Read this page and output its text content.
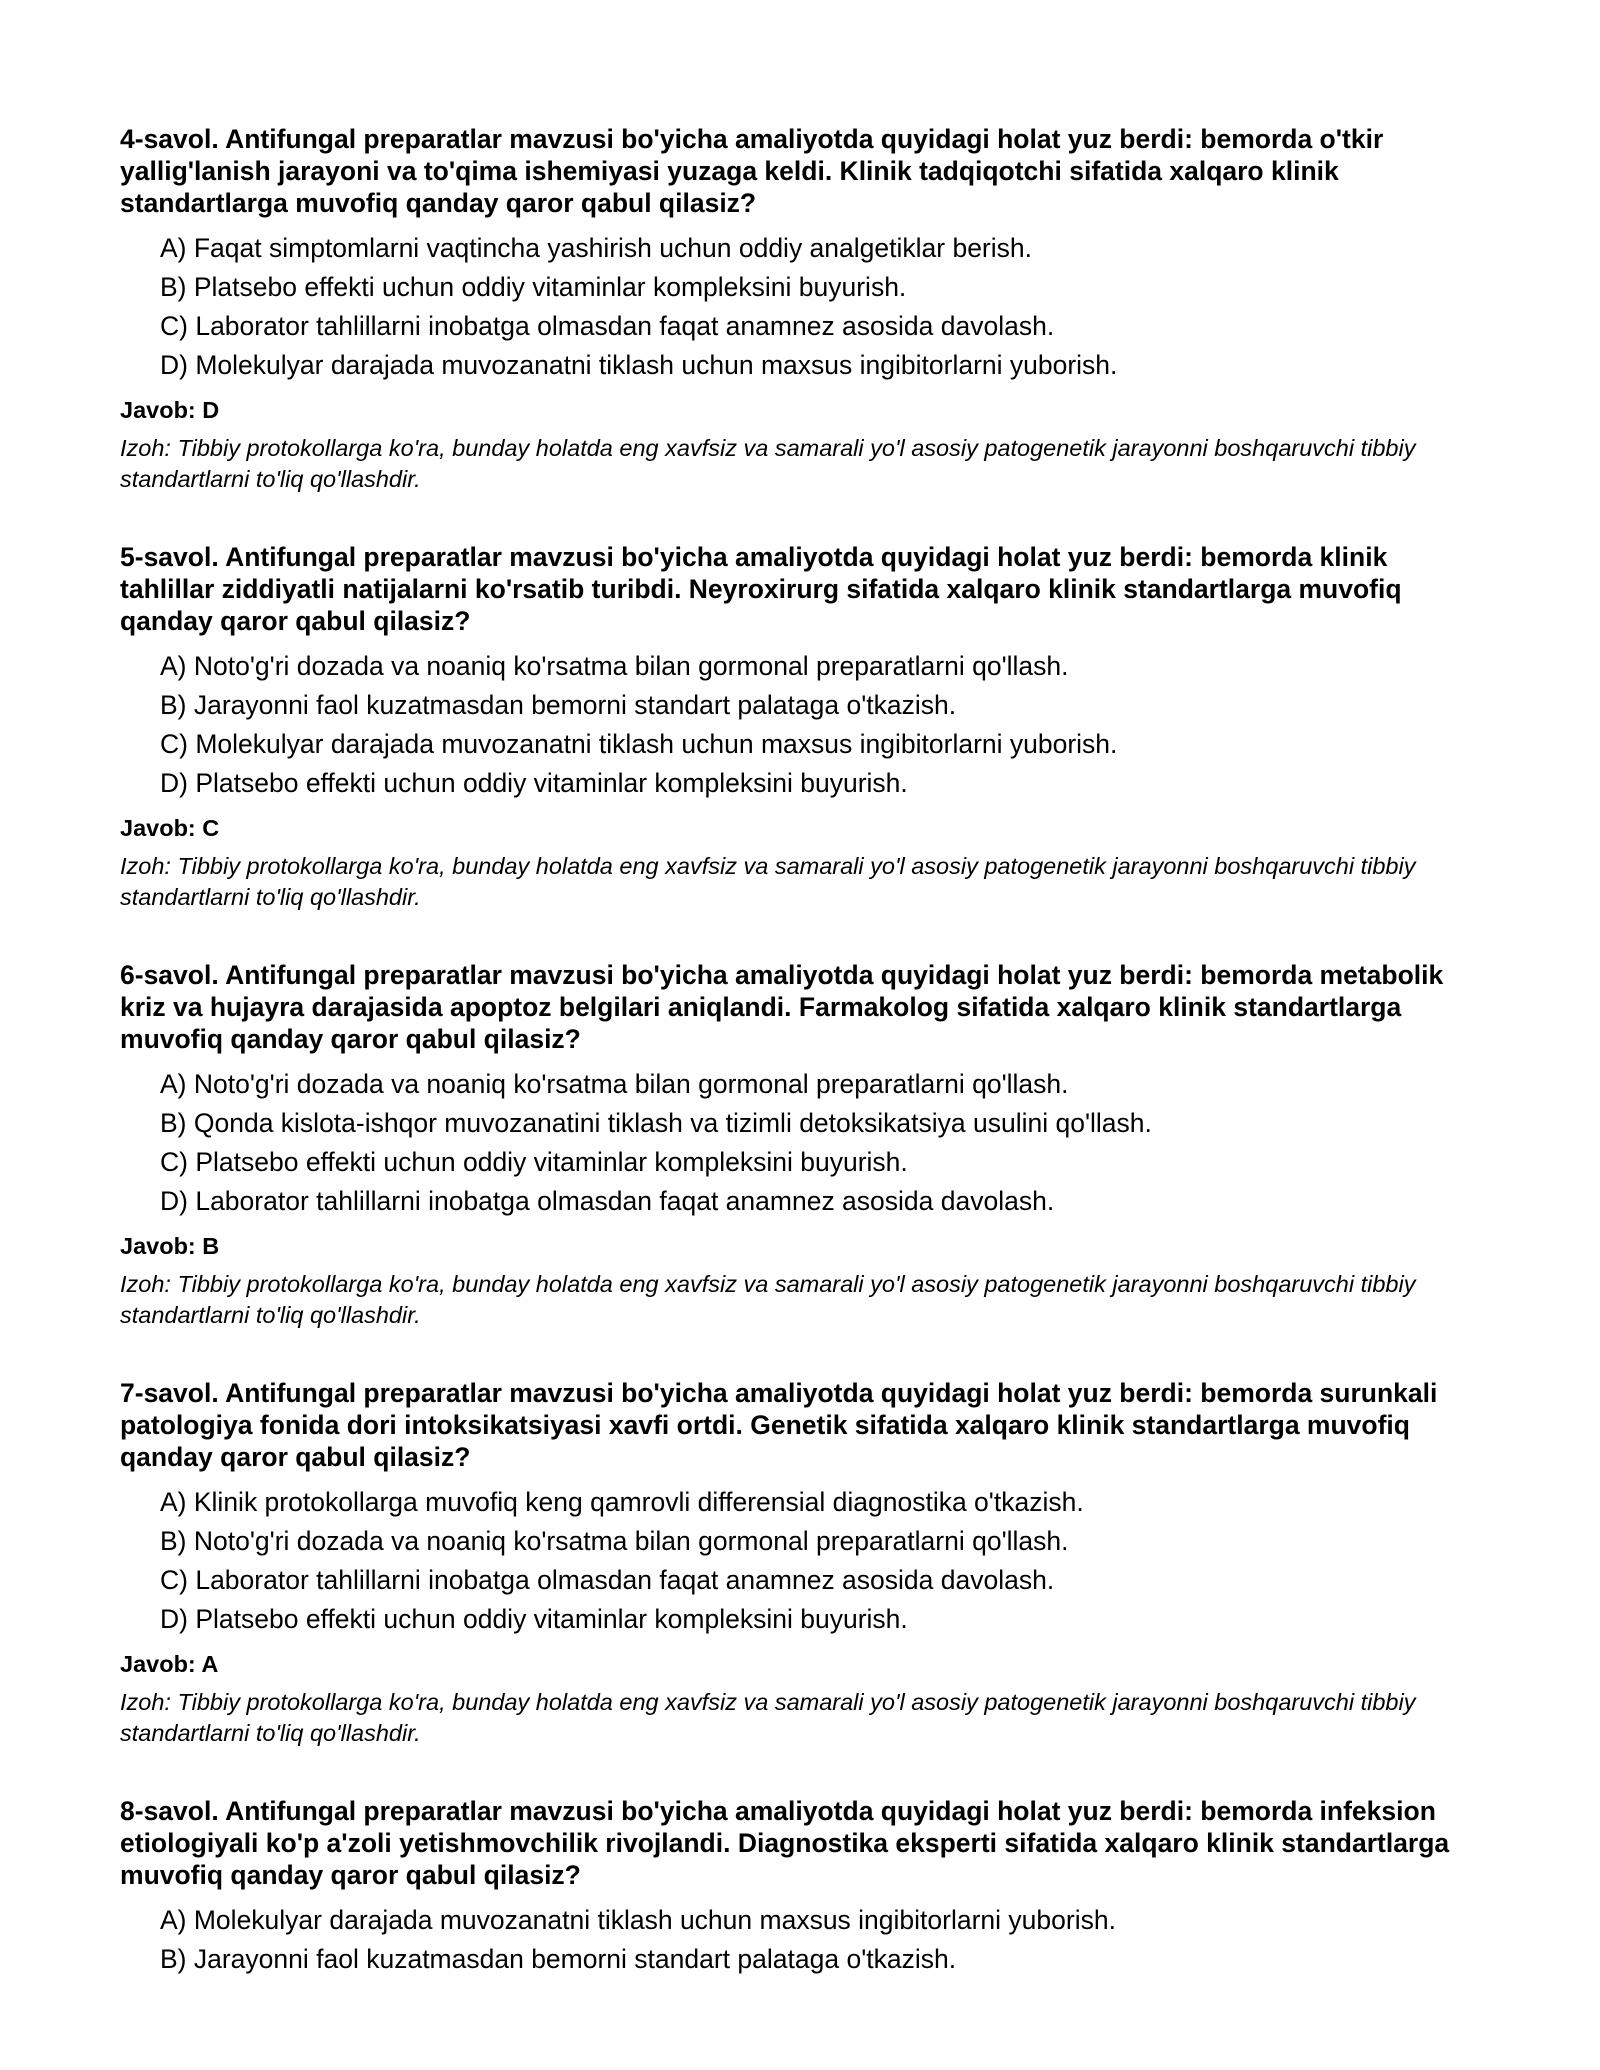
4-savol. Antifungal preparatlar mavzusi bo'yicha amaliyotda quyidagi holat yuz berdi: bemorda o'tkir yallig'lanish jarayoni va to'qima ishemiyasi yuzaga keldi. Klinik tadqiqotchi sifatida xalqaro klinik standartlarga muvofiq qanday qaror qabul qilasiz?

A) Faqat simptomlarni vaqtincha yashirish uchun oddiy analgetiklar berish.
B) Platsebo effekti uchun oddiy vitaminlar kompleksini buyurish.
C) Laborator tahlillarni inobatga olmasdan faqat anamnez asosida davolash.
D) Molekulyar darajada muvozanatni tiklash uchun maxsus ingibitorlarni yuborish.

Javob: D

Izoh: Tibbiy protokollarga ko'ra, bunday holatda eng xavfsiz va samarali yo'l asosiy patogenetik jarayonni boshqaruvchi tibbiy standartlarni to'liq qo'llashdir.

5-savol. Antifungal preparatlar mavzusi bo'yicha amaliyotda quyidagi holat yuz berdi: bemorda klinik tahlillar ziddiyatli natijalarni ko'rsatib turibdi. Neyroxirurg sifatida xalqaro klinik standartlarga muvofiq qanday qaror qabul qilasiz?

A) Noto'g'ri dozada va noaniq ko'rsatma bilan gormonal preparatlarni qo'llash.
B) Jarayonni faol kuzatmasdan bemorni standart palataga o'tkazish.
C) Molekulyar darajada muvozanatni tiklash uchun maxsus ingibitorlarni yuborish.
D) Platsebo effekti uchun oddiy vitaminlar kompleksini buyurish.

Javob: C

Izoh: Tibbiy protokollarga ko'ra, bunday holatda eng xavfsiz va samarali yo'l asosiy patogenetik jarayonni boshqaruvchi tibbiy standartlarni to'liq qo'llashdir.

6-savol. Antifungal preparatlar mavzusi bo'yicha amaliyotda quyidagi holat yuz berdi: bemorda metabolik kriz va hujayra darajasida apoptoz belgilari aniqlandi. Farmakolog sifatida xalqaro klinik standartlarga muvofiq qanday qaror qabul qilasiz?

A) Noto'g'ri dozada va noaniq ko'rsatma bilan gormonal preparatlarni qo'llash.
B) Qonda kislota-ishqor muvozanatini tiklash va tizimli detoksikatsiya usulini qo'llash.
C) Platsebo effekti uchun oddiy vitaminlar kompleksini buyurish.
D) Laborator tahlillarni inobatga olmasdan faqat anamnez asosida davolash.

Javob: B

Izoh: Tibbiy protokollarga ko'ra, bunday holatda eng xavfsiz va samarali yo'l asosiy patogenetik jarayonni boshqaruvchi tibbiy standartlarni to'liq qo'llashdir.

7-savol. Antifungal preparatlar mavzusi bo'yicha amaliyotda quyidagi holat yuz berdi: bemorda surunkali patologiya fonida dori intoksikatsiyasi xavfi ortdi. Genetik sifatida xalqaro klinik standartlarga muvofiq qanday qaror qabul qilasiz?

A) Klinik protokollarga muvofiq keng qamrovli differensial diagnostika o'tkazish.
B) Noto'g'ri dozada va noaniq ko'rsatma bilan gormonal preparatlarni qo'llash.
C) Laborator tahlillarni inobatga olmasdan faqat anamnez asosida davolash.
D) Platsebo effekti uchun oddiy vitaminlar kompleksini buyurish.

Javob: A

Izoh: Tibbiy protokollarga ko'ra, bunday holatda eng xavfsiz va samarali yo'l asosiy patogenetik jarayonni boshqaruvchi tibbiy standartlarni to'liq qo'llashdir.

8-savol. Antifungal preparatlar mavzusi bo'yicha amaliyotda quyidagi holat yuz berdi: bemorda infeksion etiologiyali ko'p a'zoli yetishmovchilik rivojlandi. Diagnostika eksperti sifatida xalqaro klinik standartlarga muvofiq qanday qaror qabul qilasiz?

A) Molekulyar darajada muvozanatni tiklash uchun maxsus ingibitorlarni yuborish.
B) Jarayonni faol kuzatmasdan bemorni standart palataga o'tkazish.
